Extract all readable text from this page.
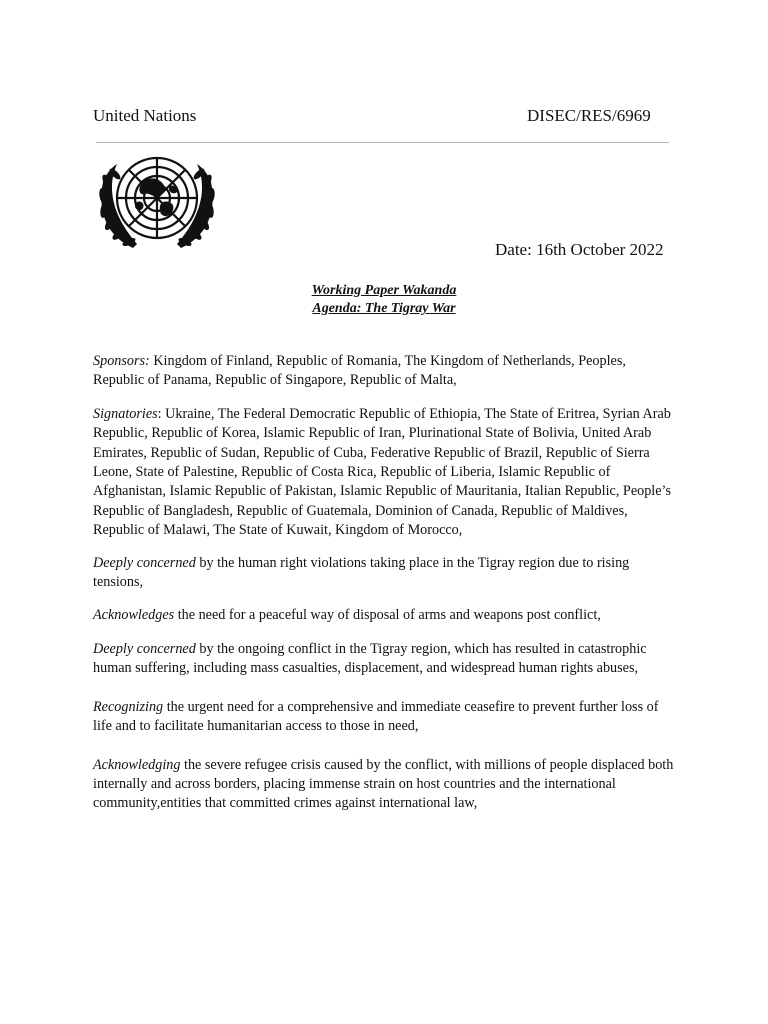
United Nations	DISEC/RES/6969
Date: 16th October 2022
Working Paper Wakanda
Agenda: The Tigray War

Sponsors: Kingdom of Finland, Republic of Romania, The Kingdom of Netherlands, Peoples, Republic of Panama, Republic of Singapore, Republic of Malta,

Signatories: Ukraine, The Federal Democratic Republic of Ethiopia, The State of Eritrea, Syrian Arab Republic, Republic of Korea, Islamic Republic of Iran, Plurinational State of Bolivia, United Arab Emirates, Republic of Sudan, Republic of Cuba, Federative Republic of Brazil, Republic of Sierra Leone, State of Palestine, Republic of Costa Rica, Republic of Liberia, Islamic Republic of Afghanistan, Islamic Republic of Pakistan, Islamic Republic of Mauritania, Italian Republic, People’s Republic of Bangladesh, Republic of Guatemala, Dominion of Canada, Republic of Maldives, Republic of Malawi, The State of Kuwait, Kingdom of Morocco,

Deeply concerned by the human right violations taking place in the Tigray region due to rising tensions,

Acknowledges the need for a peaceful way of disposal of arms and weapons post conflict,

Deeply concerned by the ongoing conflict in the Tigray region, which has resulted in catastrophic human suffering, including mass casualties, displacement, and widespread human rights abuses,

Recognizing the urgent need for a comprehensive and immediate ceasefire to prevent further loss of life and to facilitate humanitarian access to those in need,

Acknowledging the severe refugee crisis caused by the conflict, with millions of people displaced both internally and across borders, placing immense strain on host countries and the international community,entities that committed crimes against international law,
